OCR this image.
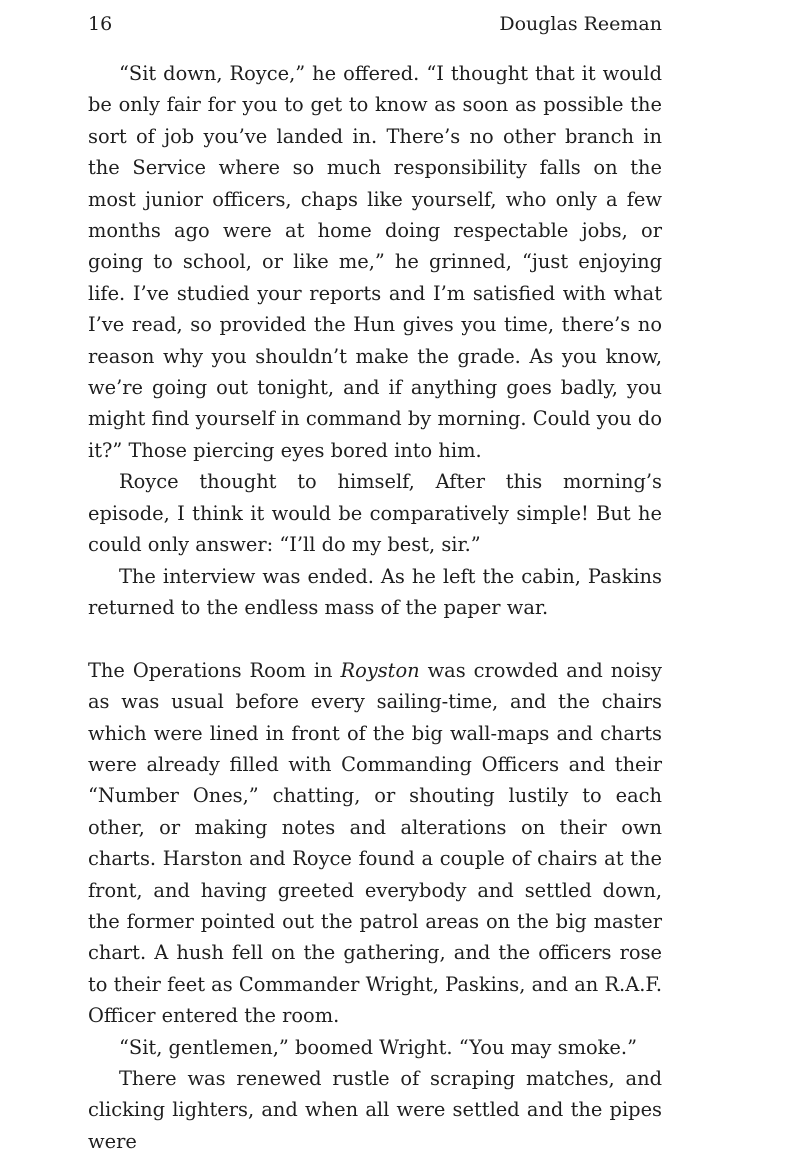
16	Douglas Reeman

“Sit down, Royce,” he offered. “I thought that it would be only fair for you to get to know as soon as possible the sort of job you’ve landed in. There’s no other branch in the Service where so much responsibility falls on the most junior officers, chaps like yourself, who only a few months ago were at home doing respectable jobs, or going to school, or like me,” he grinned, “just enjoying life. I’ve studied your reports and I’m satisfied with what I’ve read, so provided the Hun gives you time, there’s no reason why you shouldn’t make the grade. As you know, we’re going out tonight, and if anything goes badly, you might find yourself in command by morning. Could you do it?” Those piercing eyes bored into him.

Royce thought to himself, After this morning’s episode, I think it would be comparatively simple! But he could only answer: “I’ll do my best, sir.”

The interview was ended. As he left the cabin, Paskins returned to the endless mass of the paper war.

The Operations Room in Royston was crowded and noisy as was usual before every sailing-time, and the chairs which were lined in front of the big wall-maps and charts were already filled with Commanding Officers and their “Number Ones,” chatting, or shouting lustily to each other, or making notes and alterations on their own charts. Harston and Royce found a couple of chairs at the front, and having greeted everybody and settled down, the former pointed out the patrol areas on the big master chart. A hush fell on the gathering, and the officers rose to their feet as Commander Wright, Paskins, and an R.A.F. Officer entered the room.

“Sit, gentlemen,” boomed Wright. “You may smoke.”

There was renewed rustle of scraping matches, and clicking lighters, and when all were settled and the pipes were
